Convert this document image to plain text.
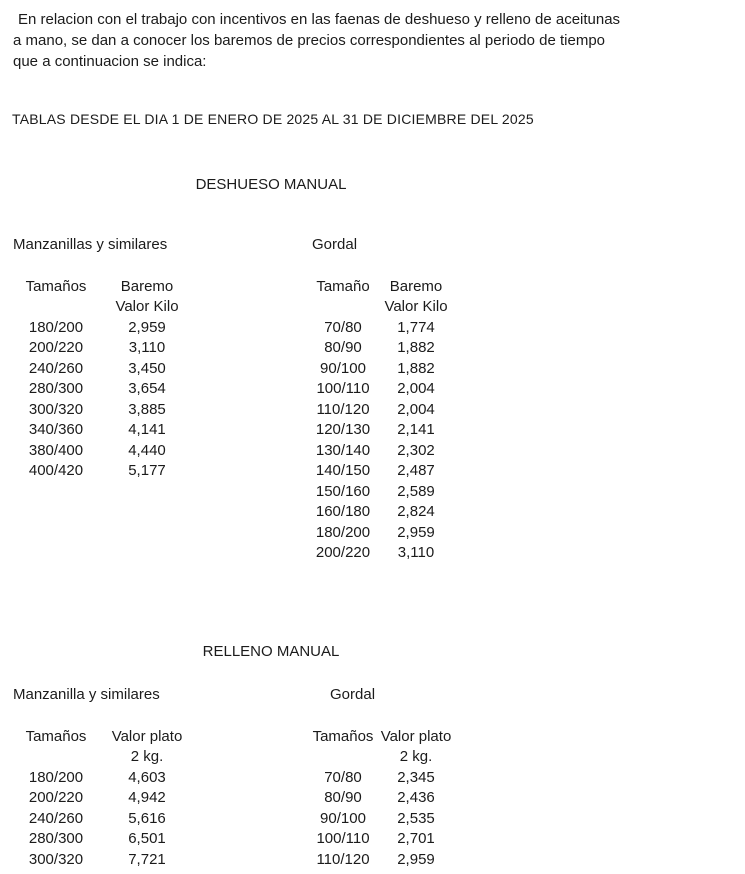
En relacion con el trabajo con incentivos en las faenas de deshueso y relleno de aceitunas
a mano, se dan a conocer los baremos de precios correspondientes al periodo de tiempo
que a continuacion se indica:
TABLAS DESDE EL DIA 1 DE ENERO DE 2025 AL 31 DE DICIEMBRE DEL 2025
DESHUESO MANUAL
Manzanillas y similares	Gordal
Tamaños	Baremo
Valor Kilo
180/200	2,959
200/220	3,110
240/260	3,450
280/300	3,654
300/320	3,885
340/360	4,141
380/400	4,440
400/420	5,177
Tamaño	Baremo
Valor Kilo
70/80	1,774
80/90	1,882
90/100	1,882
100/110	2,004
110/120	2,004
120/130	2,141
130/140	2,302
140/150	2,487
150/160	2,589
160/180	2,824
180/200	2,959
200/220	3,110
RELLENO MANUAL
Manzanilla y similares	Gordal
Tamaños	Valor plato
2 kg.
180/200	4,603
200/220	4,942
240/260	5,616
280/300	6,501
300/320	7,721
Tamaños Valor plato
2 kg.
70/80	2,345
80/90	2,436
90/100	2,535
100/110	2,701
110/120	2,959
